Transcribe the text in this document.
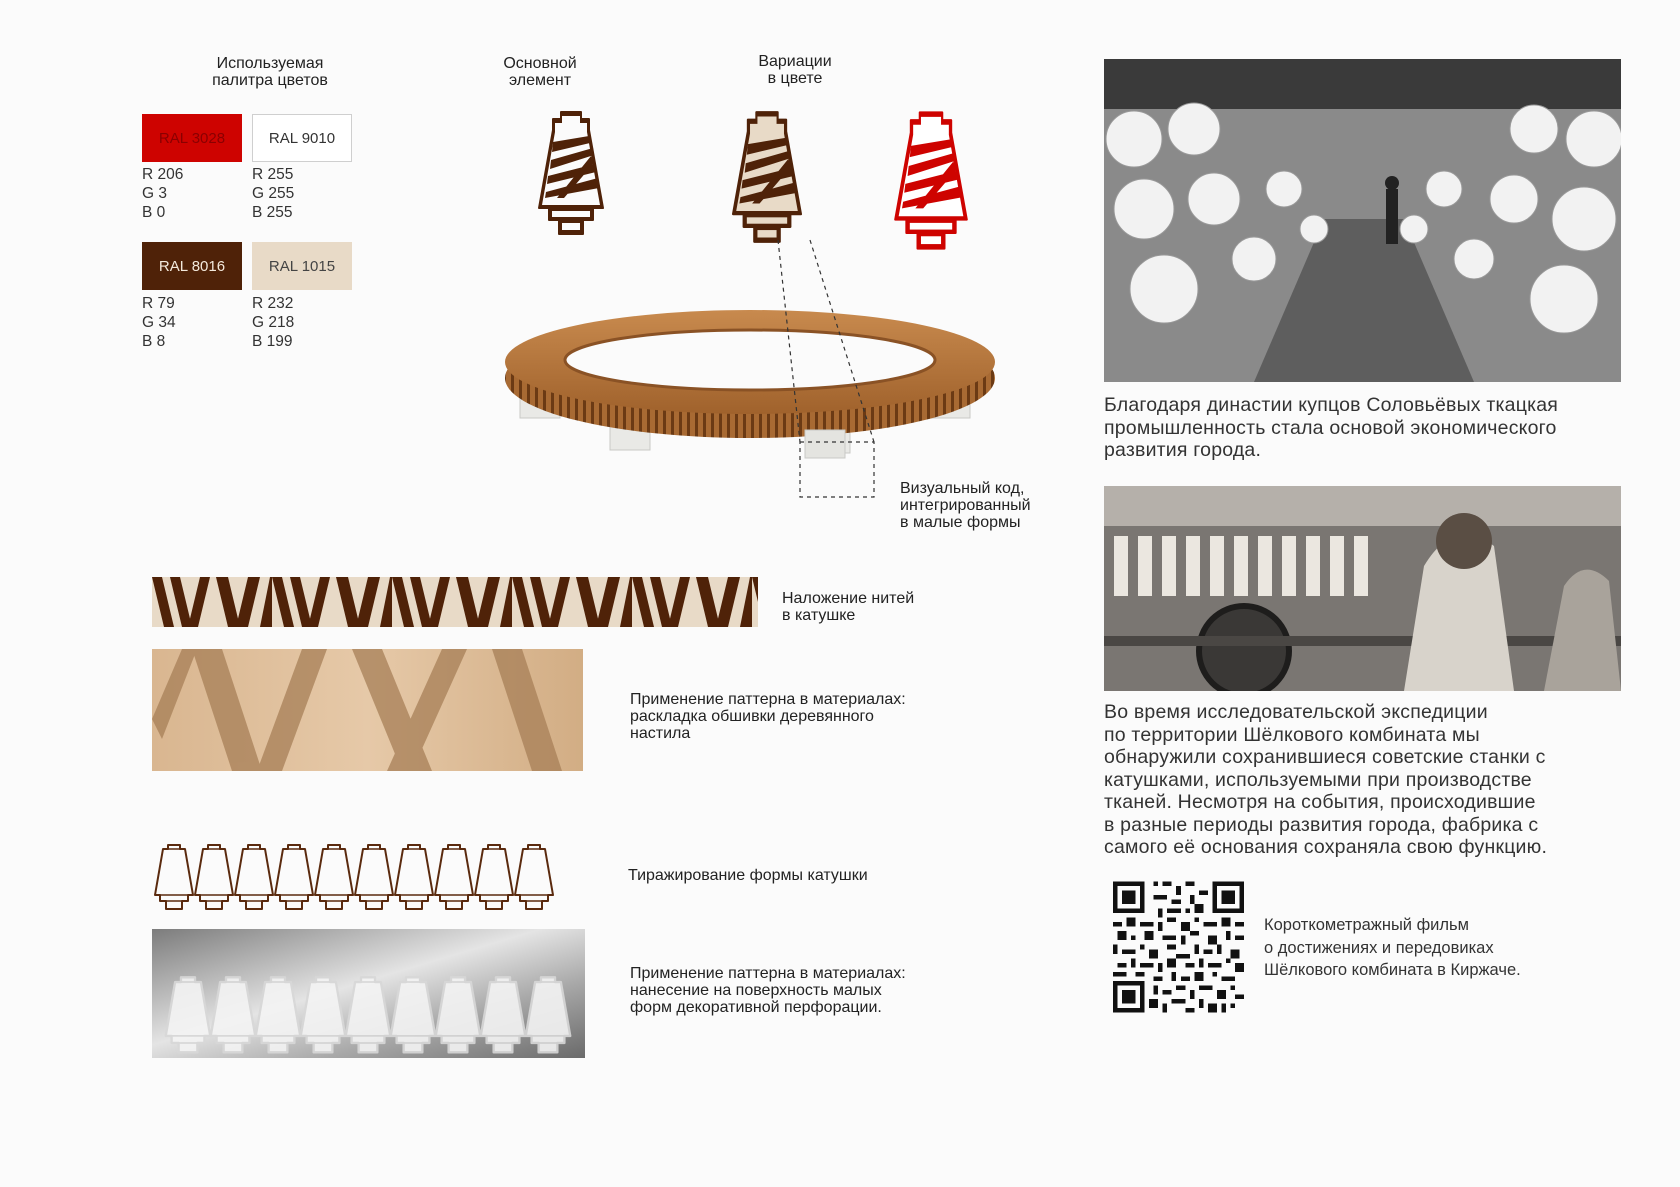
Используемая
палитра цветов
RAL 3028	RAL 9010
R 206
G 3
B 0
R 255
G 255
B 255
RAL 8016	RAL 1015
R 79
G 34
B 8
R 232
G 218
B 199
Основной
элемент
Вариации
в цвете
Визуальный код,
интегрированный
в малые формы
Наложение нитей
в катушке
Применение паттерна в материалах:
раскладка обшивки деревянного
настила
Тиражирование формы катушки
Применение паттерна в материалах:
нанесение на поверхность малых
форм декоративной перфорации.
Благодаря династии купцов Соловьёвых ткацкая
промышленность стала основой экономического
развития города.
Во время исследовательской экспедиции
по территории Шёлкового комбината мы
обнаружили сохранившиеся советские станки с
катушками, используемыми при производстве
тканей. Несмотря на события, происходившие
в разные периоды развития города, фабрика с
самого её основания сохраняла свою функцию.
Короткометражный фильм
о достижениях и передовиках
Шёлкового комбината в Киржаче.
